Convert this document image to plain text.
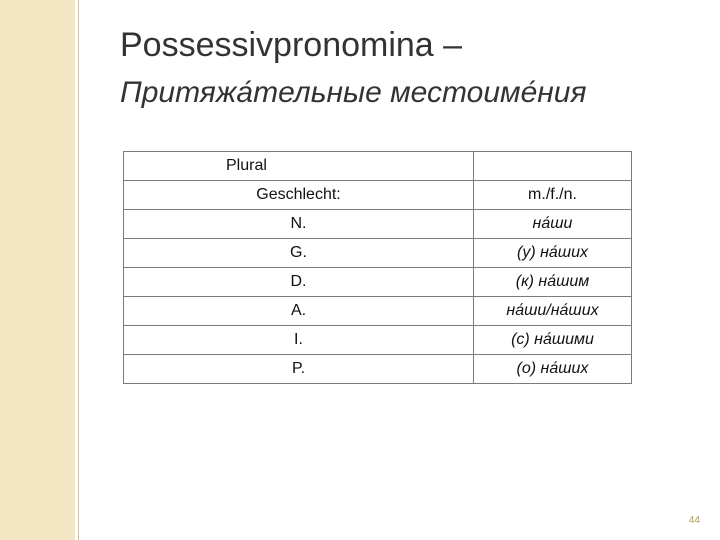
Possessivpronomina –
Притяжа́тельные местоиме́ния
Plural	
Geschlecht:	m./f./n.
N.	на́ши
G.	(у) на́ших
D.	(к) на́шим
A.	на́ши/на́ших
I.	(с) на́шими
P.	(о) на́ших
44
